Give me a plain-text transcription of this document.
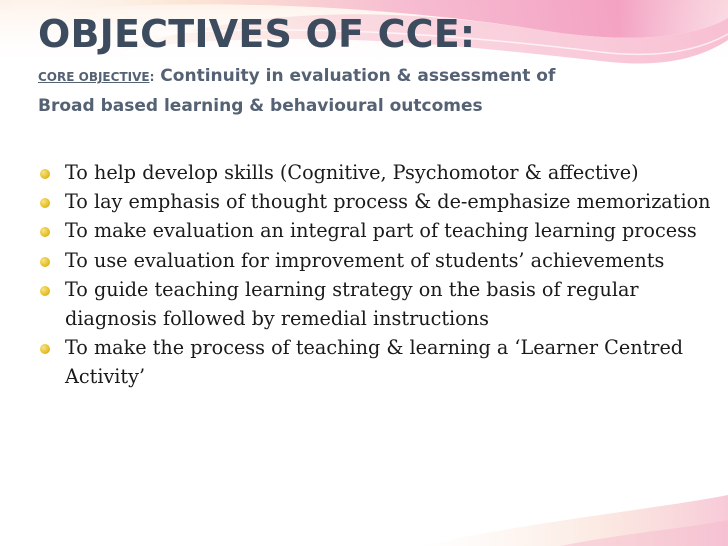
OBJECTIVES OF CCE:

CORE OBJECTIVE: Continuity in evaluation & assessment of Broad based learning & behavioural outcomes

To help develop skills (Cognitive, Psychomotor & affective)
To lay emphasis of thought process & de-emphasize memorization
To make evaluation an integral part of teaching learning process
To use evaluation for improvement of students’ achievements
To guide teaching learning strategy on the basis of regular diagnosis followed by remedial instructions
To make the process of teaching & learning a ‘Learner Centred Activity’
